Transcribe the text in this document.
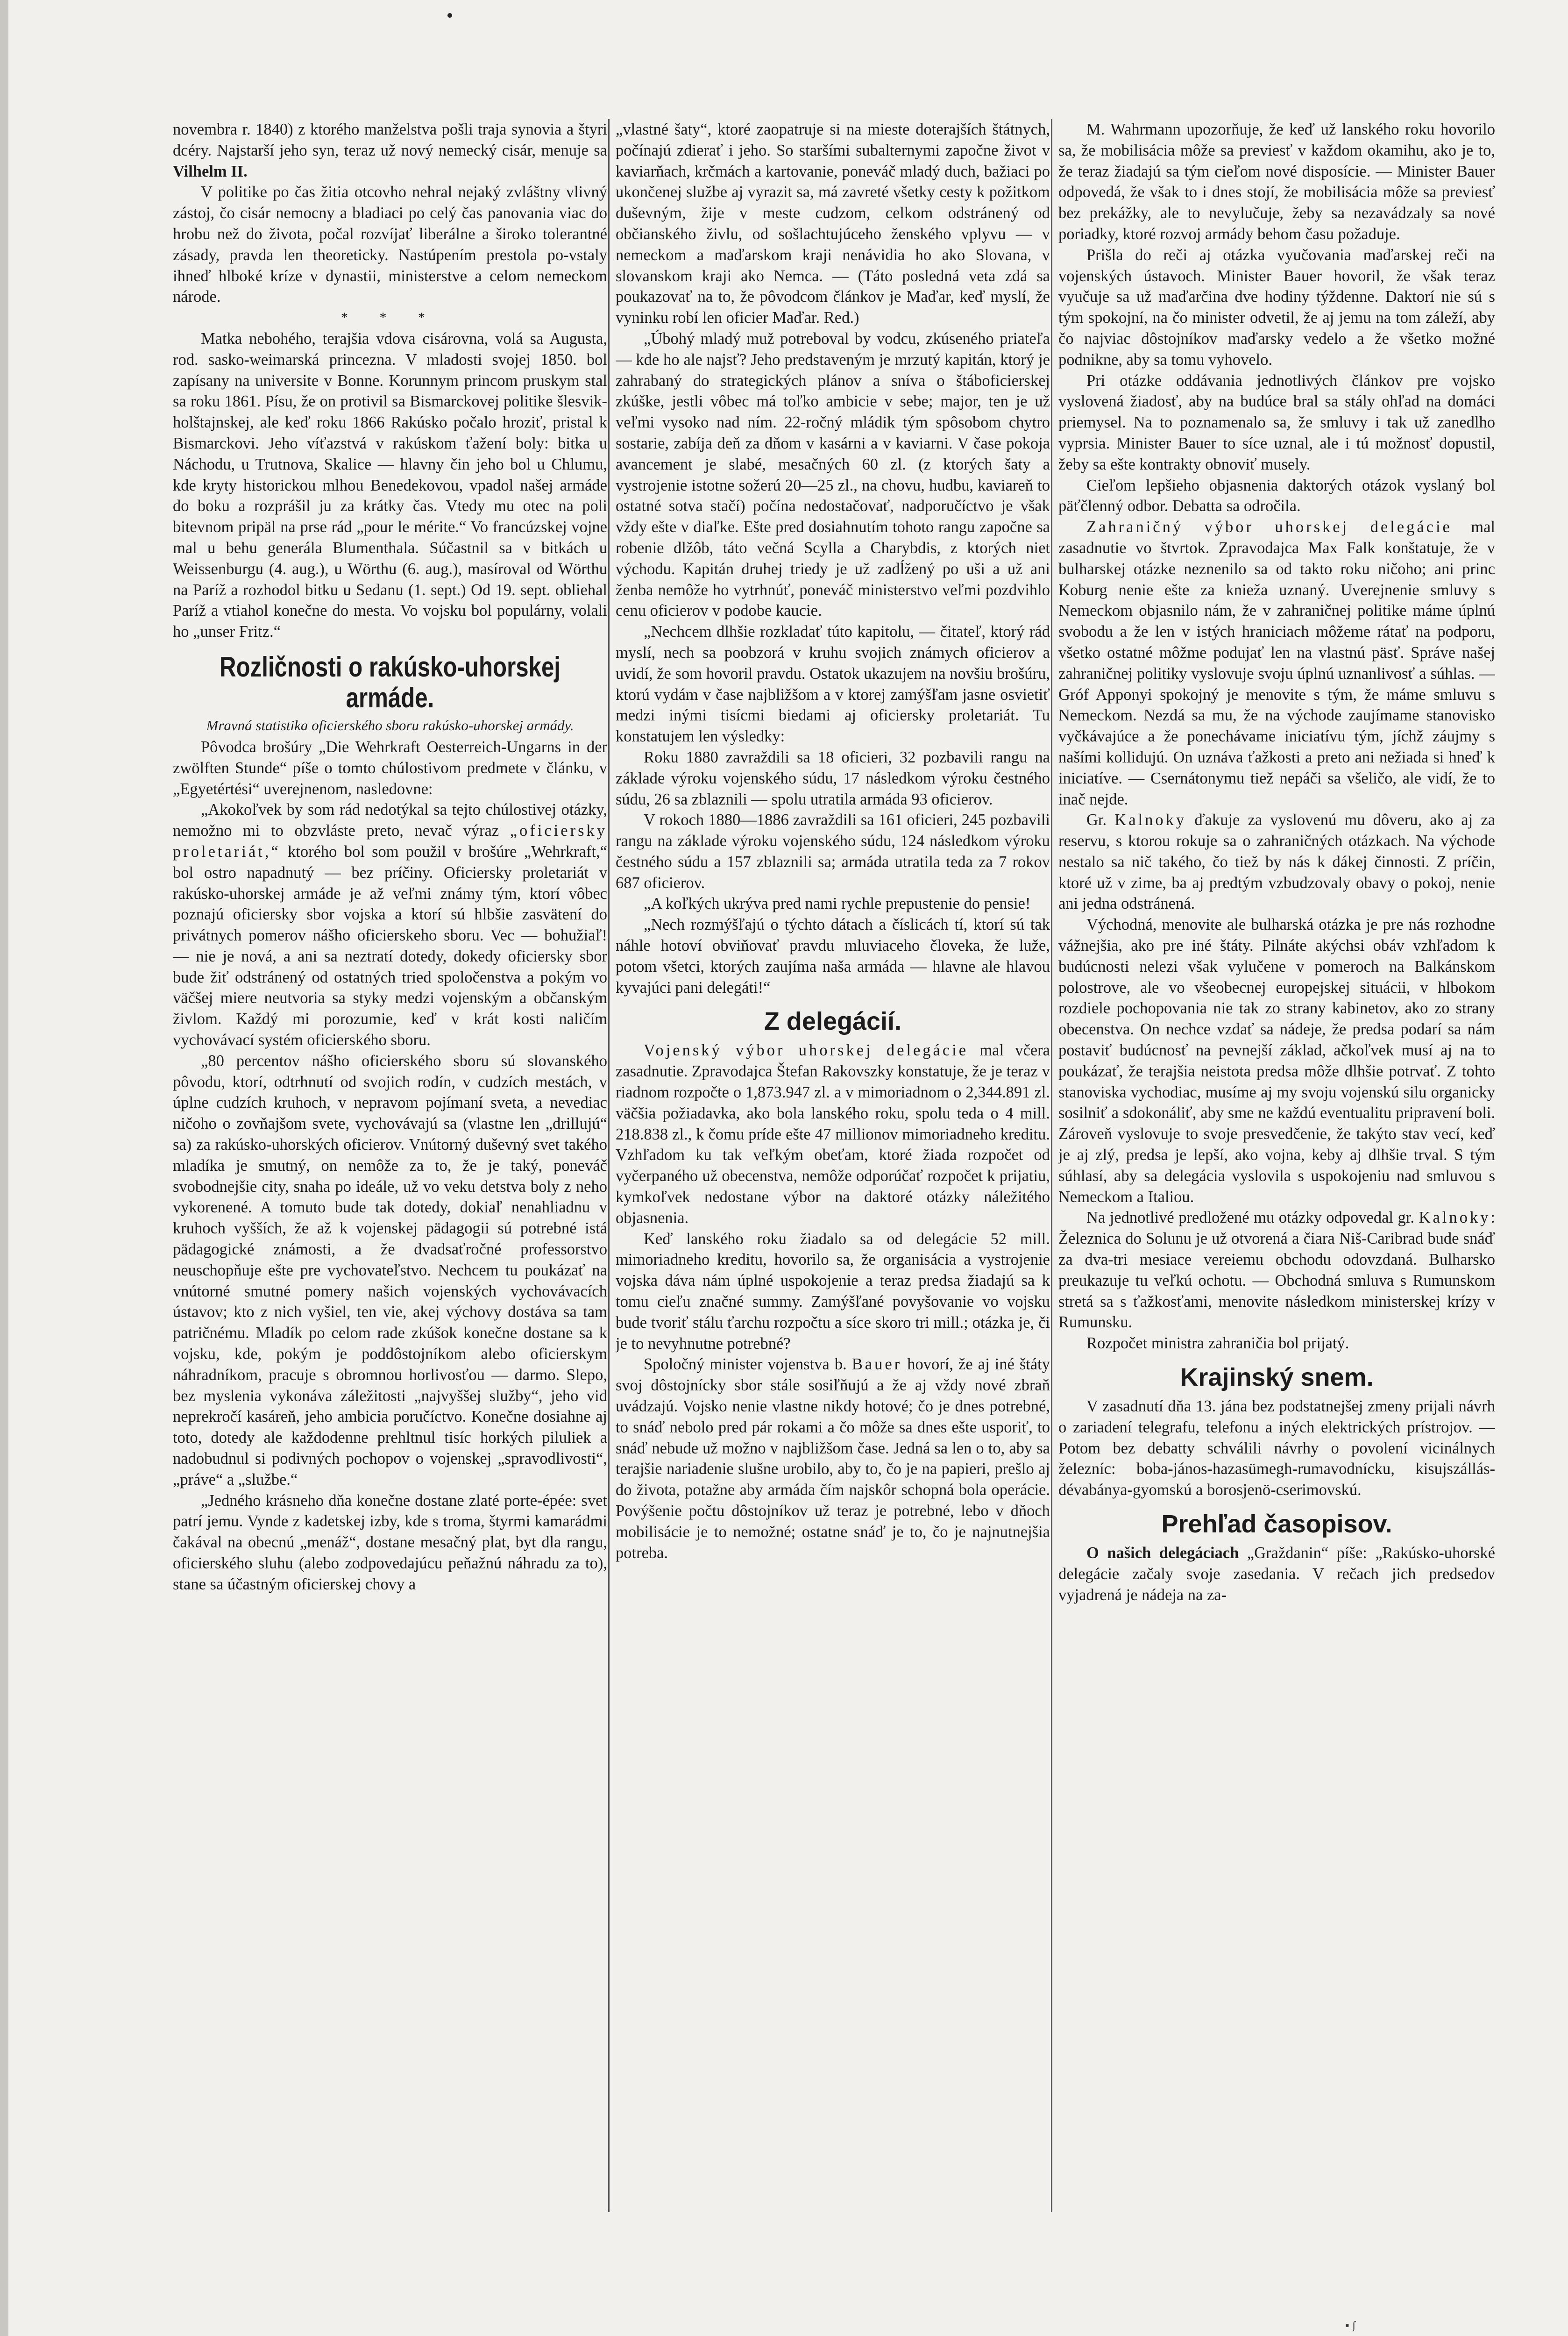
▪ ʃ

novembra r. 1840) z ktorého manželstva pošli traja synovia a štyri dcéry. Najstarší jeho syn, teraz už nový nemecký cisár, menuje sa Vilhelm II.

V politike po čas žitia otcovho nehral nejaký zvláštny vlivný zástoj, čo cisár nemocny a bladiaci po celý čas panovania viac do hrobu než do života, počal rozvíjať liberálne a široko tolerantné zásady, pravda len theoreticky. Nastúpením prestola po-vstaly ihneď hlboké kríze v dynastii, ministerstve a celom nemeckom národe.

* * *

Matka nebohého, terajšia vdova cisárovna, volá sa Augusta, rod. sasko-weimarská princezna. V mladosti svojej 1850. bol zapísany na universite v Bonne. Korunnym princom pruskym stal sa roku 1861. Písu, že on protivil sa Bismarckovej politike šlesvik-holštajnskej, ale keď roku 1866 Rakúsko počalo hroziť, pristal k Bismarckovi. Jeho víťazstvá v rakúskom ťažení boly: bitka u Náchodu, u Trutnova, Skalice — hlavny čin jeho bol u Chlumu, kde kryty historickou mlhou Benedekovou, vpadol našej armáde do boku a rozprášil ju za krátky čas. Vtedy mu otec na poli bitevnom pripäl na prse rád „pour le mérite.“ Vo francúzskej vojne mal u behu generála Blumenthala. Súčastnil sa v bitkách u Weissenburgu (4. aug.), u Wörthu (6. aug.), masíroval od Wörthu na Paríž a rozhodol bitku u Sedanu (1. sept.) Od 19. sept. obliehal Paríž a vtiahol konečne do mesta. Vo vojsku bol populárny, volali ho „unser Fritz.“

Rozličnosti o rakúsko-uhorskej armáde.

Mravná statistika oficierského sboru rakúsko-uhorskej armády.

Pôvodca brošúry „Die Wehrkraft Oesterreich-Ungarns in der zwölften Stunde“ píše o tomto chúlostivom predmete v článku, v „Egyetértési“ uverejnenom, nasledovne:

„Akokoľvek by som rád nedotýkal sa tejto chúlostivej otázky, nemožno mi to obzvláste preto, nevač výraz „oficiersky proletariát,“ ktorého bol som použil v brošúre „Wehrkraft,“ bol ostro napadnutý — bez príčiny. Oficiersky proletariát v rakúsko-uhorskej armáde je až veľmi známy tým, ktorí vôbec poznajú oficiersky sbor vojska a ktorí sú hlbšie zasvätení do privátnych pomerov nášho oficierskeho sboru. Vec — bohužiaľ! — nie je nová, a ani sa neztratí dotedy, dokedy oficiersky sbor bude žiť odstránený od ostatných tried spoločenstva a pokým vo väčšej miere neutvoria sa styky medzi vojenským a občanským živlom. Každý mi porozumie, keď v krát kosti naličím vychovávací systém oficierského sboru.

„80 percentov nášho oficierského sboru sú slovanského pôvodu, ktorí, odtrhnutí od svojich rodín, v cudzích mestách, v úplne cudzích kruhoch, v nepravom pojímaní sveta, a nevediac ničoho o zovňajšom svete, vychovávajú sa (vlastne len „drillujú“ sa) za rakúsko-uhorských oficierov. Vnútorný duševný svet takého mladíka je smutný, on nemôže za to, že je taký, poneváč svobodnejšie city, snaha po ideále, už vo veku detstva boly z neho vykorenené. A tomuto bude tak dotedy, dokiaľ nenahliadnu v kruhoch vyšších, že až k vojenskej pädagogii sú potrebné istá pädagogické známosti, a že dvadsaťročné professorstvo neuschopňuje ešte pre vychovateľstvo. Nechcem tu poukázať na vnútorné smutné pomery našich vojenských vychovávacích ústavov; kto z nich vyšiel, ten vie, akej výchovy dostáva sa tam patričnému. Mladík po celom rade zkúšok konečne dostane sa k vojsku, kde, pokým je poddôstojníkom alebo oficierskym náhradníkom, pracuje s obromnou horlivosťou — darmo. Slepo, bez myslenia vykonáva záležitosti „najvyššej služby“, jeho vid neprekročí kasáreň, jeho ambicia poručíctvo. Konečne dosiahne aj toto, dotedy ale každodenne prehltnul tisíc horkých piluliek a nadobudnul si podivných pochopov o vojenskej „spravodlivosti“, „práve“ a „službe.“

„Jedného krásneho dňa konečne dostane zlaté porte-épée: svet patrí jemu. Vynde z kadetskej izby, kde s troma, štyrmi kamarádmi čakával na obecnú „menáž“, dostane mesačný plat, byt dla rangu, oficierského sluhu (alebo zodpovedajúcu peňažnú náhradu za to), stane sa účastným oficierskej chovy a

„vlastné šaty“, ktoré zaopatruje si na mieste doterajších štátnych, počínajú zdierať i jeho. So staršími subalternymi započne život v kaviarňach, krčmách a kartovanie, poneváč mladý duch, bažiaci po ukončenej službe aj vyrazit sa, má zavreté všetky cesty k požitkom duševným, žije v meste cudzom, celkom odstránený od občianského živlu, od sošlachtujúceho ženského vplyvu — v nemeckom a maďarskom kraji nenávidia ho ako Slovana, v slovanskom kraji ako Nemca. — (Táto posledná veta zdá sa poukazovať na to, že pôvodcom článkov je Maďar, keď myslí, že vyninku robí len oficier Maďar. Red.)

„Úbohý mladý muž potreboval by vodcu, zkúseného priateľa — kde ho ale najsť? Jeho predstaveným je mrzutý kapitán, ktorý je zahrabaný do strategických plánov a snívа o štáboficierskej zkúške, jestli vôbec má toľko ambicie v sebe; major, ten je už veľmi vysoko nad ním. 22-ročný mládik tým spôsobom chytro sostarie, zabíja deň za dňom v kasárni a v kaviarni. V čase pokoja avancement je slabé, mesačných 60 zl. (z ktorých šaty a vystrojenie istotne sožerú 20—25 zl., na chovu, hudbu, kaviareň to ostatné sotva stačí) počína nedostačovať, nadporučíctvo je však vždy ešte v diaľke. Ešte pred dosiahnutím tohoto rangu započne sa robenie dlžôb, táto večná Scylla a Charybdis, z ktorých niet východu. Kapitán druhej triedy je už zadĺžený po uši a už ani ženba nemôže ho vytrhnúť, poneváč ministerstvo veľmi pozdvihlo cenu oficierov v podobe kaucie.

„Nechcem dlhšie rozkladať túto kapitolu, — čitateľ, ktorý rád myslí, nech sa poobzorá v kruhu svojich známych oficierov a uvidí, že som hovoril pravdu. Ostatok ukazujem na novšiu brošúru, ktorú vydám v čase najbližšom a v ktorej zamýšľam jasne osvietiť medzi inými tisícmi biedami aj oficiersky proletariát. Tu konstatujem len výsledky:

Roku 1880 zavraždili sa 18 oficieri, 32 pozbavili rangu na základe výroku vojenského súdu, 17 následkom výroku čestného súdu, 26 sa zblaznili — spolu utratila armáda 93 oficierov.

V rokoch 1880—1886 zavraždili sa 161 oficieri, 245 pozbavili rangu na základe výroku vojenského súdu, 124 následkom výroku čestného súdu a 157 zblaznili sa; armáda utratila teda za 7 rokov 687 oficierov.

„A koľkých ukrýva pred nami rychle prepustenie do pensie!

„Nech rozmýšľajú o týchto dátach a číslicách tí, ktorí sú tak náhle hotoví obviňovať pravdu mluviaceho človeka, že luže, potom všetci, ktorých zaujíma naša armáda — hlavne ale hlavou kyvajúci pani delegáti!“

Z delegácií.

Vojenský výbor uhorskej delegácie mal včera zasadnutie. Zpravodajca Štefan Rakovszky konstatuje, že je teraz v riadnom rozpočte o 1,873.947 zl. a v mimoriadnom o 2,344.891 zl. väčšia požiadavka, ako bola lanského roku, spolu teda o 4 mill. 218.838 zl., k čomu príde ešte 47 millionov mimoriadneho kreditu. Vzhľadom ku tak veľkým obeťam, ktoré žiada rozpočet od vyčerpaného už obecenstva, nemôže odporúčať rozpočet k prijatiu, kymkoľvek nedostane výbor na daktoré otázky náležitého objasnenia.

Keď lanského roku žiadalo sa od delegácie 52 mill. mimoriadneho kreditu, hovorilo sa, že organisácia a vystrojenie vojska dáva nám úplné uspokojenie a teraz predsa žiadajú sa k tomu cieľu značné summy. Zamýšľané povyšovanie vo vojsku bude tvoriť stálu ťarchu rozpočtu a síce skoro tri mill.; otázka je, či je to nevyhnutne potrebné?

Spoločný minister vojenstva b. Bauer hovorí, že aj iné štáty svoj dôstojnícky sbor stále sosiľňujú a že aj vždy nové zbraň uvádzajú. Vojsko nenie vlastne nikdy hotové; čo je dnes potrebné, to snáď nebolo pred pár rokami a čo môže sa dnes ešte usporiť, to snáď nebude už možno v najbližšom čase. Jedná sa len o to, aby sa terajšie nariadenie slušne urobilo, aby to, čo je na papieri, prešlo aj do života, potažne aby armáda čím najskôr schopná bola operácie. Povýšenie počtu dôstojníkov už teraz je potrebné, lebo v dňoch mobilisácie je to nemožné; ostatne snáď je to, čo je najnutnejšia potreba.

M. Wahrmann upozorňuje, že keď už lanského roku hovorilo sa, že mobilisácia môže sa previesť v každom okamihu, ako je to, že teraz žiadajú sa tým cieľom nové disposície. — Minister Bauer odpovedá, že však to i dnes stojí, že mobilisácia môže sa previesť bez prekážky, ale to nevylučuje, žeby sa nezavádzaly sa nové poriadky, ktoré rozvoj armády behom času požaduje.

Prišla do reči aj otázka vyučovania maďarskej reči na vojenských ústavoch. Minister Bauer hovoril, že však teraz vyučuje sa už maďarčina dve hodiny týždenne. Daktorí nie sú s tým spokojní, na čo minister odvetil, že aj jemu na tom záleží, aby čo najviac dôstojníkov maďarsky vedelo a že všetko možné podnikne, aby sa tomu vyhovelo.

Pri otázke oddávania jednotlivých článkov pre vojsko vyslovená žiadosť, aby na budúce bral sa stály ohľad na domáci priemysel. Na to poznamenalo sa, že smluvy i tak už zanedlho vyprsia. Minister Bauer to síce uznal, ale i tú možnosť dopustil, žeby sa ešte kontrakty obnoviť musely.

Cieľom lepšieho objasnenia daktorých otázok vyslaný bol päťčlenný odbor. Debatta sa odročila.

Zahraničný výbor uhorskej delegácie mal zasadnutie vo štvrtok. Zpravodajca Max Falk konštatuje, že v bulharskej otázke neznenilo sa od takto roku ničoho; ani princ Koburg nenie ešte za knieža uznaný. Uverejnenie smluvy s Nemeckom objasnilo nám, že v zahraničnej politike máme úplnú svobodu a že len v istých hraniciach môžeme rátať na podporu, všetko ostatné môžme podujať len na vlastnú päsť. Správe našej zahraničnej politiky vyslovuje svoju úplnú uznanlivosť a súhlas. — Gróf Apponyi spokojný je menovite s tým, že máme smluvu s Nemeckom. Nezdá sa mu, že na východe zaujímame stanovisko vyčkávajúce a že ponechávame iniciatívu tým, jíchž záujmy s našími kollidujú. On uznáva ťažkosti a preto ani nežiada si hneď k iniciatíve. — Csernátonymu tiež nepáči sa všeličo, ale vidí, že to inač nejde.

Gr. Kalnoky ďakuje za vyslovenú mu dôveru, ako aj za reservu, s ktorou rokuje sa o zahraničných otázkach. Na východe nestalo sa nič takého, čo tiež by nás k dákej činnosti. Z príčin, ktoré už v zime, ba aj predtým vzbudzovaly obavy o pokoj, nenie ani jedna odstránená.

Východná, menovite ale bulharská otázka je pre nás rozhodne vážnejšia, ako pre iné štáty. Pilnáte akýchsi obáv vzhľadom k budúcnosti nelezi však vylučene v pomeroch na Balkánskom polostrove, ale vo všeobecnej europejskej situácii, v hlbokom rozdiele pochopovania nie tak zo strany kabinetov, ako zo strany obecenstva. On nechce vzdať sa nádeje, že predsa podarí sa nám postaviť budúcnosť na pevnejší základ, ačkoľvek musí aj na to poukázať, že terajšia neistota predsa môže dlhšie potrvať. Z tohto stanoviska vychodiac, musíme aj my svoju vojenskú silu organicky sosilniť a sdokonáliť, aby sme ne každú eventualitu pripravení boli. Zároveň vyslovuje to svoje presvedčenie, že takýto stav vecí, keď je aj zlý, predsa je lepší, ako vojna, keby aj dlhšie trval. S tým súhlasí, aby sa delegácia vyslovila s uspokojeniu nad smluvou s Nemeckom a Italiou.

Na jednotlivé predložené mu otázky odpovedal gr. Kalnoky: Železnica do Solunu je už otvorená a čiara Niš-Caribrad bude snáď za dva-tri mesiace vereiemu obchodu odovzdaná. Bulharsko preukazuje tu veľkú ochotu. — Obchodná smluva s Rumunskom stretá sa s ťažkosťami, menovite následkom ministerskej krízy v Rumunsku.

Rozpočet ministra zahraničia bol prijatý.

Krajinský snem.

V zasadnutí dňa 13. jána bez podstatnejšej zmeny prijali návrh o zariadení telegrafu, telefonu a iných elektrických prístrojov. — Potom bez debatty schválili návrhy o povolení vicinálnych železníc: boba-jános-hazasümegh-rumavodnícku, kisujszállás-dévabánya-gyomskú a borosjenö-cserimovskú.

Prehľad časopisov.

O našich delegáciach „Graždanin“ píše: „Rakúsko-uhorské delegácie začaly svoje zasedania. V rečach jich predsedov vyjadrená je nádeja na za-
